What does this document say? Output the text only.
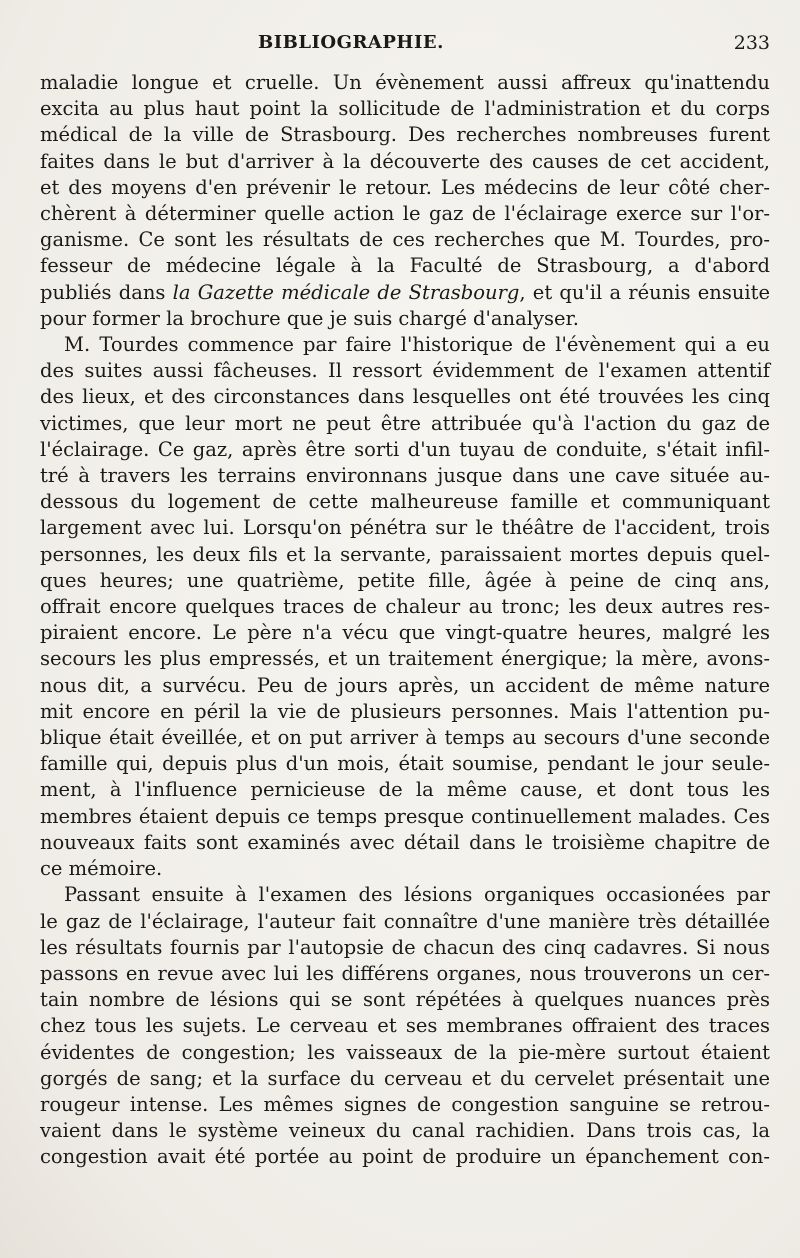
BIBLIOGRAPHIE.	233
maladie longue et cruelle. Un évènement aussi affreux qu'inattendu
excita au plus haut point la sollicitude de l'administration et du corps
médical de la ville de Strasbourg. Des recherches nombreuses furent
faites dans le but d'arriver à la découverte des causes de cet accident,
et des moyens d'en prévenir le retour. Les médecins de leur côté cher-
chèrent à déterminer quelle action le gaz de l'éclairage exerce sur l'or-
ganisme. Ce sont les résultats de ces recherches que M. Tourdes, pro-
fesseur de médecine légale à la Faculté de Strasbourg, a d'abord
publiés dans la Gazette médicale de Strasbourg, et qu'il a réunis ensuite
pour former la brochure que je suis chargé d'analyser.
M. Tourdes commence par faire l'historique de l'évènement qui a eu
des suites aussi fâcheuses. Il ressort évidemment de l'examen attentif
des lieux, et des circonstances dans lesquelles ont été trouvées les cinq
victimes, que leur mort ne peut être attribuée qu'à l'action du gaz de
l'éclairage. Ce gaz, après être sorti d'un tuyau de conduite, s'était infil-
tré à travers les terrains environnans jusque dans une cave située au-
dessous du logement de cette malheureuse famille et communiquant
largement avec lui. Lorsqu'on pénétra sur le théâtre de l'accident, trois
personnes, les deux fils et la servante, paraissaient mortes depuis quel-
ques heures; une quatrième, petite fille, âgée à peine de cinq ans,
offrait encore quelques traces de chaleur au tronc; les deux autres res-
piraient encore. Le père n'a vécu que vingt-quatre heures, malgré les
secours les plus empressés, et un traitement énergique; la mère, avons-
nous dit, a survécu. Peu de jours après, un accident de même nature
mit encore en péril la vie de plusieurs personnes. Mais l'attention pu-
blique était éveillée, et on put arriver à temps au secours d'une seconde
famille qui, depuis plus d'un mois, était soumise, pendant le jour seule-
ment, à l'influence pernicieuse de la même cause, et dont tous les
membres étaient depuis ce temps presque continuellement malades. Ces
nouveaux faits sont examinés avec détail dans le troisième chapitre de
ce mémoire.
Passant ensuite à l'examen des lésions organiques occasionées par
le gaz de l'éclairage, l'auteur fait connaître d'une manière très détaillée
les résultats fournis par l'autopsie de chacun des cinq cadavres. Si nous
passons en revue avec lui les différens organes, nous trouverons un cer-
tain nombre de lésions qui se sont répétées à quelques nuances près
chez tous les sujets. Le cerveau et ses membranes offraient des traces
évidentes de congestion; les vaisseaux de la pie-mère surtout étaient
gorgés de sang; et la surface du cerveau et du cervelet présentait une
rougeur intense. Les mêmes signes de congestion sanguine se retrou-
vaient dans le système veineux du canal rachidien. Dans trois cas, la
congestion avait été portée au point de produire un épanchement con-
